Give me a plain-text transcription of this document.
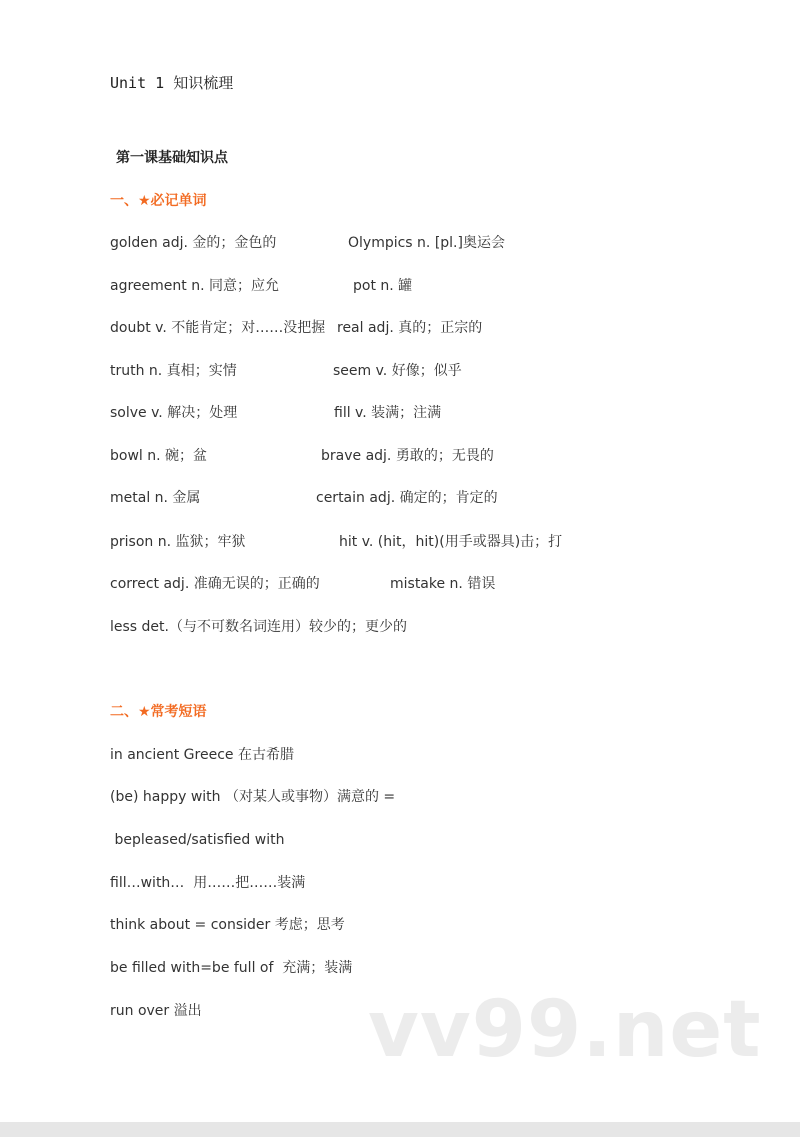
Unit 1 知识梳理
第一课基础知识点
一、★必记单词
golden adj. 金的；金色的	Olympics n. [pl.]奥运会
agreement n. 同意；应允	pot n. 罐
doubt v. 不能肯定；对……没把握 real adj. 真的；正宗的
truth n. 真相；实情	seem v. 好像；似乎
solve v. 解决；处理	fill v. 装满；注满
bowl n. 碗；盆	brave adj. 勇敢的；无畏的
metal n. 金属	certain adj. 确定的；肯定的
prison n. 监狱；牢狱	hit v. (hit，hit)(用手或器具)击；打
correct adj. 准确无误的；正确的	mistake n. 错误
less det.（与不可数名词连用）较少的；更少的
二、★常考短语
in ancient Greece 在古希腊
(be) happy with （对某人或事物）满意的 =
bepleased/satisfied with
fill…with…  用……把……装满
think about = consider 考虑；思考
be filled with=be full of  充满；装满
run over 溢出 vv99.net
